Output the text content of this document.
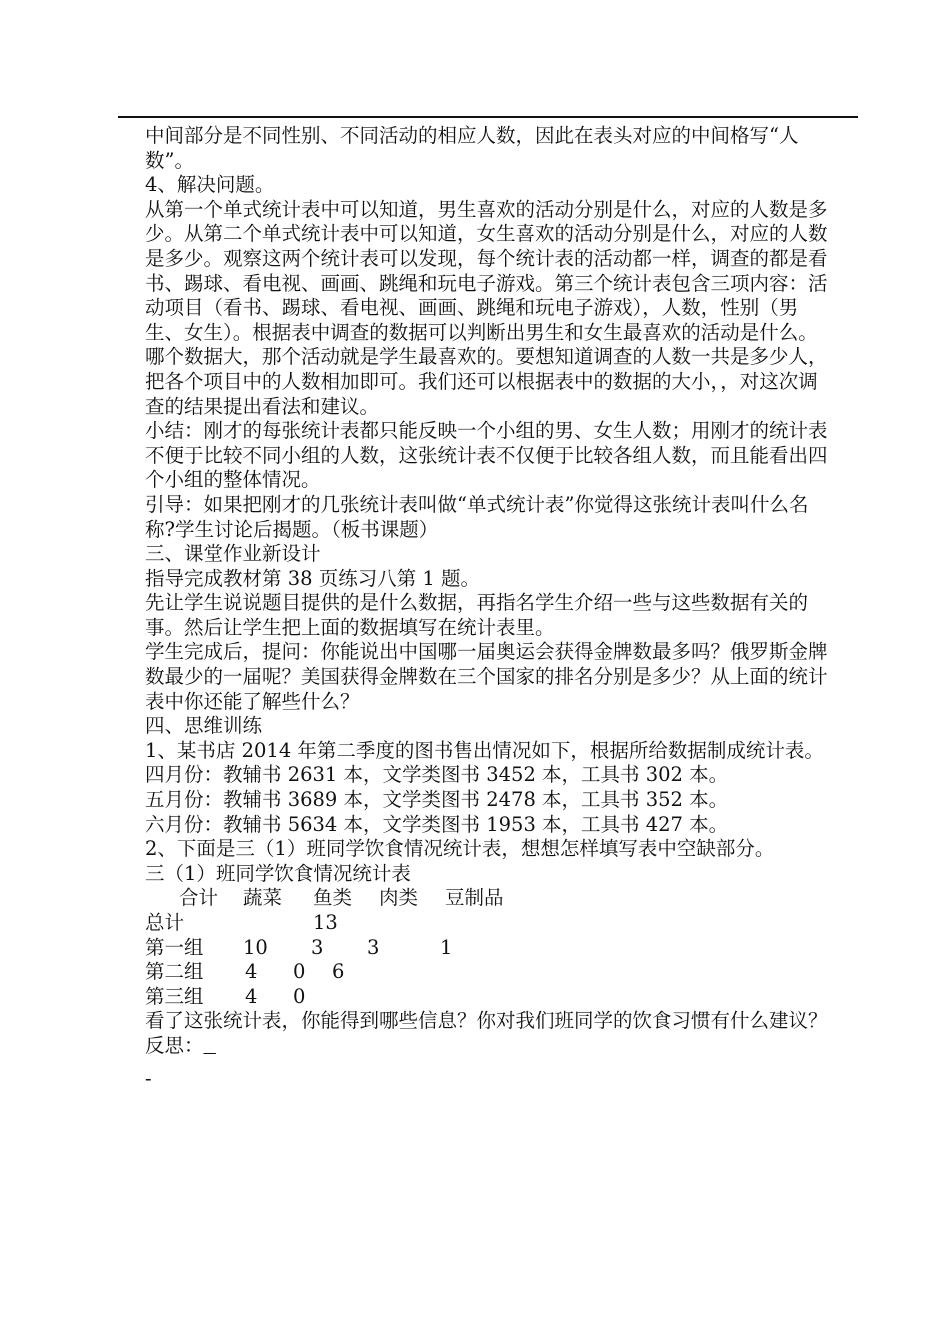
中间部分是不同性别、不同活动的相应人数，因此在表头对应的中间格写“人数”。

4、解决问题。

从第一个单式统计表中可以知道，男生喜欢的活动分别是什么，对应的人数是多少。从第二个单式统计表中可以知道，女生喜欢的活动分别是什么，对应的人数是多少。观察这两个统计表可以发现，每个统计表的活动都一样，调查的都是看书、踢球、看电视、画画、跳绳和玩电子游戏。第三个统计表包含三项内容：活动项目（看书、踢球、看电视、画画、跳绳和玩电子游戏），人数，性别（男生、女生）。根据表中调查的数据可以判断出男生和女生最喜欢的活动是什么。哪个数据大，那个活动就是学生最喜欢的。要想知道调查的人数一共是多少人，把各个项目中的人数相加即可。我们还可以根据表中的数据的大小，，对这次调查的结果提出看法和建议。

小结：刚才的每张统计表都只能反映一个小组的男、女生人数；用刚才的统计表不便于比较不同小组的人数，这张统计表不仅便于比较各组人数，而且能看出四个小组的整体情况。

引导：如果把刚才的几张统计表叫做“单式统计表”你觉得这张统计表叫什么名称?学生讨论后揭题。（板书课题）

三、课堂作业新设计

指导完成教材第 38 页练习八第 1 题。

先让学生说说题目提供的是什么数据，再指名学生介绍一些与这些数据有关的事。然后让学生把上面的数据填写在统计表里。

学生完成后，提问：你能说出中国哪一届奥运会获得金牌数最多吗？俄罗斯金牌数最少的一届呢？美国获得金牌数在三个国家的排名分别是多少？从上面的统计表中你还能了解些什么？

四、思维训练

1、某书店 2014 年第二季度的图书售出情况如下，根据所给数据制成统计表。

四月份：教辅书 2631 本，文学类图书 3452 本，工具书 302 本。

五月份：教辅书 3689 本，文学类图书 2478 本，工具书 352 本。

六月份：教辅书 5634 本，文学类图书 1953 本，工具书 427 本。

2、下面是三（1）班同学饮食情况统计表，想想怎样填写表中空缺部分。

三（1）班同学饮食情况统计表

合计 蔬菜 鱼类 肉类 豆制品
总计	13
第一组 10 3 3	1
第二组 4 0 6
第三组 4 0

看了这张统计表，你能得到哪些信息？你对我们班同学的饮食习惯有什么建议？

反思：​

-
